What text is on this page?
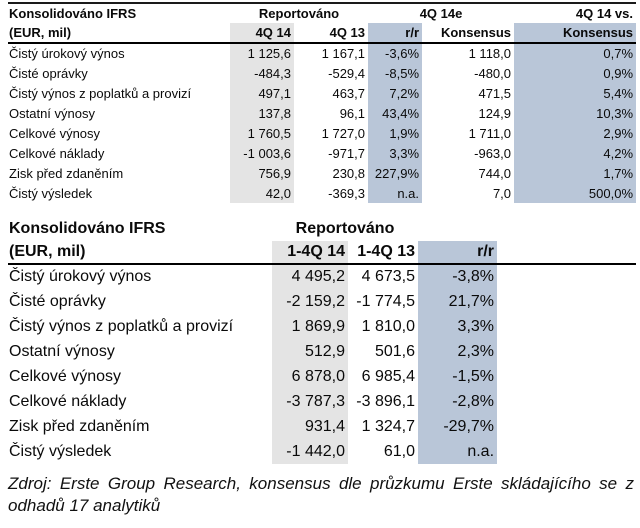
Konsolidováno IFRS	Reportováno		4Q 14e		4Q 14 vs.
(EUR, mil)	4Q 14	4Q 13	r/r	Konsensus	Konsensus
Čistý úrokový výnos	1 125,6	1 167,1	-3,6%	1 118,0	0,7%
Čisté oprávky	-484,3	-529,4	-8,5%	-480,0	0,9%
Čistý výnos z poplatků a provizí	497,1	463,7	7,2%	471,5	5,4%
Ostatní výnosy	137,8	96,1	43,4%	124,9	10,3%
Celkové výnosy	1 760,5	1 727,0	1,9%	1 711,0	2,9%
Celkové náklady	-1 003,6	-971,7	3,3%	-963,0	4,2%
Zisk před zdaněním	756,9	230,8	227,9%	744,0	1,7%
Čistý výsledek	42,0	-369,3	n.a.	7,0	500,0%
Konsolidováno IFRS	Reportováno			
(EUR, mil)	1-4Q 14	1-4Q 13	r/r	
Čistý úrokový výnos	4 495,2	4 673,5	-3,8%	
Čisté oprávky	-2 159,2	-1 774,5	21,7%	
Čistý výnos z poplatků a provizí	1 869,9	1 810,0	3,3%	
Ostatní výnosy	512,9	501,6	2,3%	
Celkové výnosy	6 878,0	6 985,4	-1,5%	
Celkové náklady	-3 787,3	-3 896,1	-2,8%	
Zisk před zdaněním	931,4	1 324,7	-29,7%	
Čistý výsledek	-1 442,0	61,0	n.a.	
Zdroj: Erste Group Research, konsensus dle průzkumu Erste skládajícího se z odhadů 17 analytiků
